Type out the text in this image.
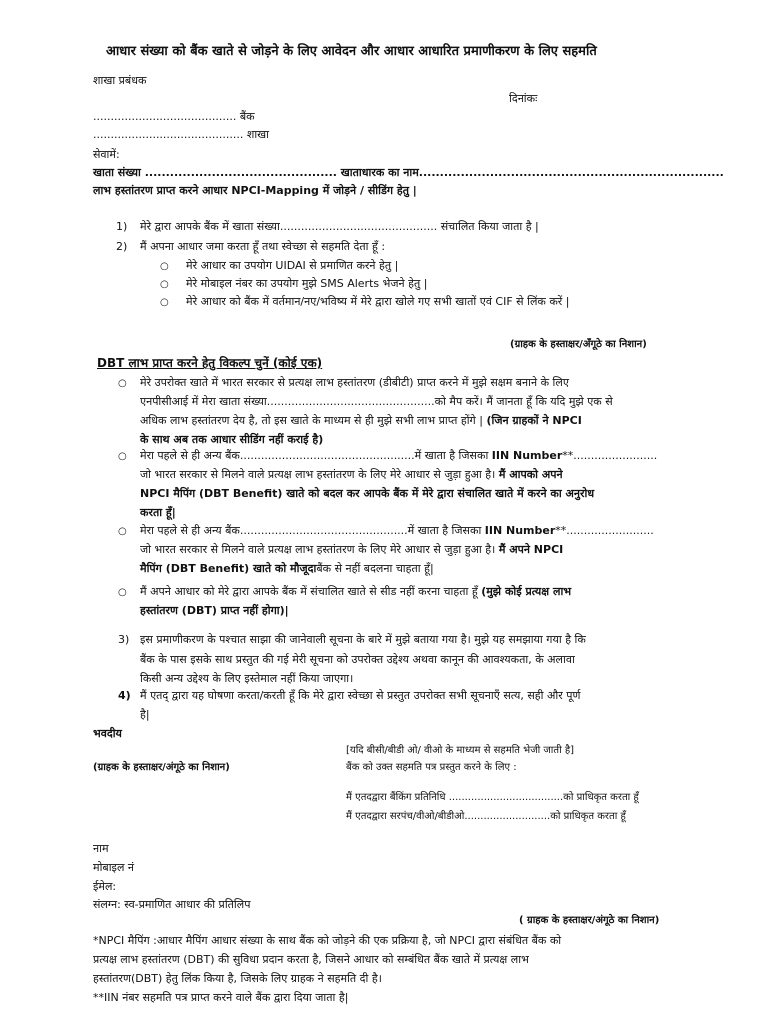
आधार संख्या को बैंक खाते से जोड़ने के लिए आवेदन और आधार आधारित प्रमाणीकरण के लिए सहमति
शाखा प्रबंधक
दिनांकः
......................................... बैंक
........................................... शाखा
सेवामें:
खाता संख्या .............................................. खाताधारक का नाम.........................................................................
लाभ हस्तांतरण प्राप्त करने आधार NPCI-Mapping में जोड़ने / सीडिंग हेतु |
1) मेरे द्वारा आपके बैंक में खाता संख्या............................................. संचालित किया जाता है |
2) मैं अपना आधार जमा करता हूँ तथा स्वेच्छा से सहमति देता हूँ :
○ मेरे आधार का उपयोग UIDAI से प्रमाणित करने हेतु |
○ मेरे मोबाइल नंबर का उपयोग मुझे SMS Alerts भेजने हेतु |
○ मेरे आधार को बैंक में वर्तमान/नए/भविष्य में मेरे द्वारा खोले गए सभी खातों एवं CIF से लिंक करें |
(ग्राहक के हस्ताक्षर/अँगूठे का निशान)
DBT लाभ प्राप्त करने हेतु विकल्प चुनें (कोई एक)
○ मेरे उपरोक्त खाते में भारत सरकार से प्रत्यक्ष लाभ हस्तांतरण (डीबीटी) प्राप्त करने में मुझे सक्षम बनाने के लिए
एनपीसीआई में मेरा खाता संख्या................................................को मैप करें। मैं जानता हूँ कि यदि मुझे एक से
अधिक लाभ हस्तांतरण देय है, तो इस खाते के माध्यम से ही मुझे सभी लाभ प्राप्त होंगे | (जिन ग्राहकों ने NPCI
के साथ अब तक आधार सीडिंग नहीं कराई है)
○ मेरा पहले से ही अन्य बैंक..................................................में खाता है जिसका IIN Number**........................
जो भारत सरकार से मिलने वाले प्रत्यक्ष लाभ हस्तांतरण के लिए मेरे आधार से जुड़ा हुआ है। मैं आपको अपने
NPCI मैपिंग (DBT Benefit) खाते को बदल कर आपके बैंक में मेरे द्वारा संचालित खाते में करने का अनुरोध
करता हूँ|
○ मेरा पहले से ही अन्य बैंक................................................में खाता है जिसका IIN Number**.........................
जो भारत सरकार से मिलने वाले प्रत्यक्ष लाभ हस्तांतरण के लिए मेरे आधार से जुड़ा हुआ है। मैं अपने NPCI
मैपिंग (DBT Benefit) खाते को मौजूदाबैंक से नहीं बदलना चाहता हूँ|
○ मैं अपने आधार को मेरे द्वारा आपके बैंक में संचालित खाते से सीड नहीं करना चाहता हूँ (मुझे कोई प्रत्यक्ष लाभ
हस्तांतरण (DBT) प्राप्त नहीं होगा)|
3) इस प्रमाणीकरण के पश्चात साझा की जानेवाली सूचना के बारे में मुझे बताया गया है। मुझे यह समझाया गया है कि
बैंक के पास इसके साथ प्रस्तुत की गई मेरी सूचना को उपरोक्त उद्देश्य अथवा कानून की आवश्यकता, के अलावा
किसी अन्य उद्देश्य के लिए इस्तेमाल नहीं किया जाएगा।
4) मैं एतद् द्वारा यह घोषणा करता/करती हूँ कि मेरे द्वारा स्वेच्छा से प्रस्तुत उपरोक्त सभी सूचनाएँ सत्य, सही और पूर्ण
है|
भवदीय
[यदि बीसी/बीडी ओ/ वीओ के माध्यम से सहमति भेजी जाती है]
(ग्राहक के हस्ताक्षर/अंगूठे का निशान)	बैंक को उक्त सहमति पत्र प्रस्तुत करने के लिए :
मैं एतदद्वारा बैंकिंग प्रतिनिधि ....................................को प्राधिकृत करता हूँ
मैं एतदद्वारा सरपंच/वीओ/बीडीओ...........................को प्राधिकृत करता हूँ
नाम
मोबाइल नं
ईमेल:
संलग्न: स्व-प्रमाणित आधार की प्रतिलिप
( ग्राहक के हस्ताक्षर/अंगूठे का निशान)
*NPCI मैपिंग :आधार मैपिंग आधार संख्या के साथ बैंक को जोड़ने की एक प्रक्रिया है, जो NPCI द्वारा संबंधित बैंक को
प्रत्यक्ष लाभ हस्तांतरण (DBT) की सुविधा प्रदान करता है, जिसने आधार को सम्बंधित बैंक खाते में प्रत्यक्ष लाभ
हस्तांतरण(DBT) हेतु लिंक किया है, जिसके लिए ग्राहक ने सहमति दी है।
**IIN नंबर सहमति पत्र प्राप्त करने वाले बैंक द्वारा दिया जाता है|
